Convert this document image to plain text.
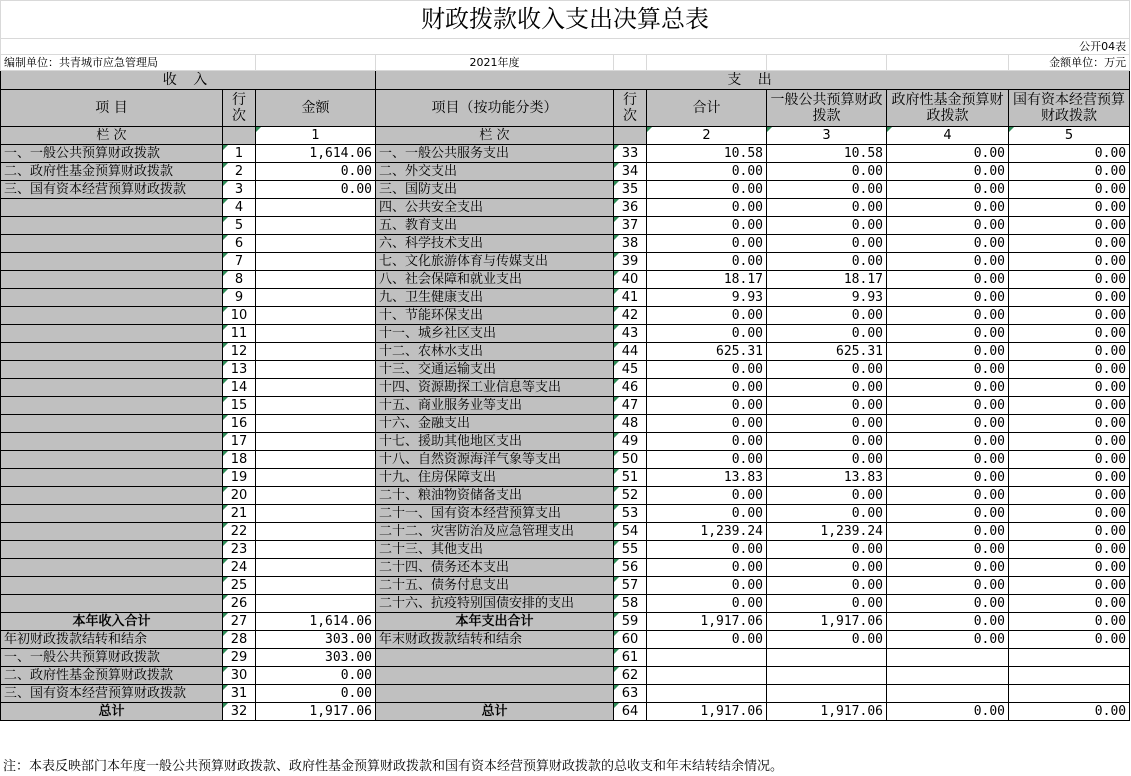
财政拨款收入支出决算总表								
								公开04表
编制单位：共青城市应急管理局			2021年度					金额单位：万元
收 入			支 出					
项 目	行次	金额	项目（按功能分类）	行次	合计	一般公共预算财政拨款	政府性基金预算财政拨款	国有资本经营预算财政拨款
栏 次		1	栏 次		2	3	4	5
一、一般公共预算财政拨款	1	1,614.06	一、一般公共服务支出	33	10.58	10.58	0.00	0.00
二、政府性基金预算财政拨款	2	0.00	二、外交支出	34	0.00	0.00	0.00	0.00
三、国有资本经营预算财政拨款	3	0.00	三、国防支出	35	0.00	0.00	0.00	0.00
	4		四、公共安全支出	36	0.00	0.00	0.00	0.00
	5		五、教育支出	37	0.00	0.00	0.00	0.00
	6		六、科学技术支出	38	0.00	0.00	0.00	0.00
	7		七、文化旅游体育与传媒支出	39	0.00	0.00	0.00	0.00
	8		八、社会保障和就业支出	40	18.17	18.17	0.00	0.00
	9		九、卫生健康支出	41	9.93	9.93	0.00	0.00
	10		十、节能环保支出	42	0.00	0.00	0.00	0.00
	11		十一、城乡社区支出	43	0.00	0.00	0.00	0.00
	12		十二、农林水支出	44	625.31	625.31	0.00	0.00
	13		十三、交通运输支出	45	0.00	0.00	0.00	0.00
	14		十四、资源勘探工业信息等支出	46	0.00	0.00	0.00	0.00
	15		十五、商业服务业等支出	47	0.00	0.00	0.00	0.00
	16		十六、金融支出	48	0.00	0.00	0.00	0.00
	17		十七、援助其他地区支出	49	0.00	0.00	0.00	0.00
	18		十八、自然资源海洋气象等支出	50	0.00	0.00	0.00	0.00
	19		十九、住房保障支出	51	13.83	13.83	0.00	0.00
	20		二十、粮油物资储备支出	52	0.00	0.00	0.00	0.00
	21		二十一、国有资本经营预算支出	53	0.00	0.00	0.00	0.00
	22		二十二、灾害防治及应急管理支出	54	1,239.24	1,239.24	0.00	0.00
	23		二十三、其他支出	55	0.00	0.00	0.00	0.00
	24		二十四、债务还本支出	56	0.00	0.00	0.00	0.00
	25		二十五、债务付息支出	57	0.00	0.00	0.00	0.00
	26		二十六、抗疫特别国债安排的支出	58	0.00	0.00	0.00	0.00
本年收入合计	27	1,614.06	本年支出合计	59	1,917.06	1,917.06	0.00	0.00
年初财政拨款结转和结余	28	303.00	年末财政拨款结转和结余	60	0.00	0.00	0.00	0.00
一、一般公共预算财政拨款	29	303.00		61				
二、政府性基金预算财政拨款	30	0.00		62				
三、国有资本经营预算财政拨款	31	0.00		63				
总计	32	1,917.06	总计	64	1,917.06	1,917.06	0.00	0.00
注：本表反映部门本年度一般公共预算财政拨款、政府性基金预算财政拨款和国有资本经营预算财政拨款的总收支和年末结转结余情况。
